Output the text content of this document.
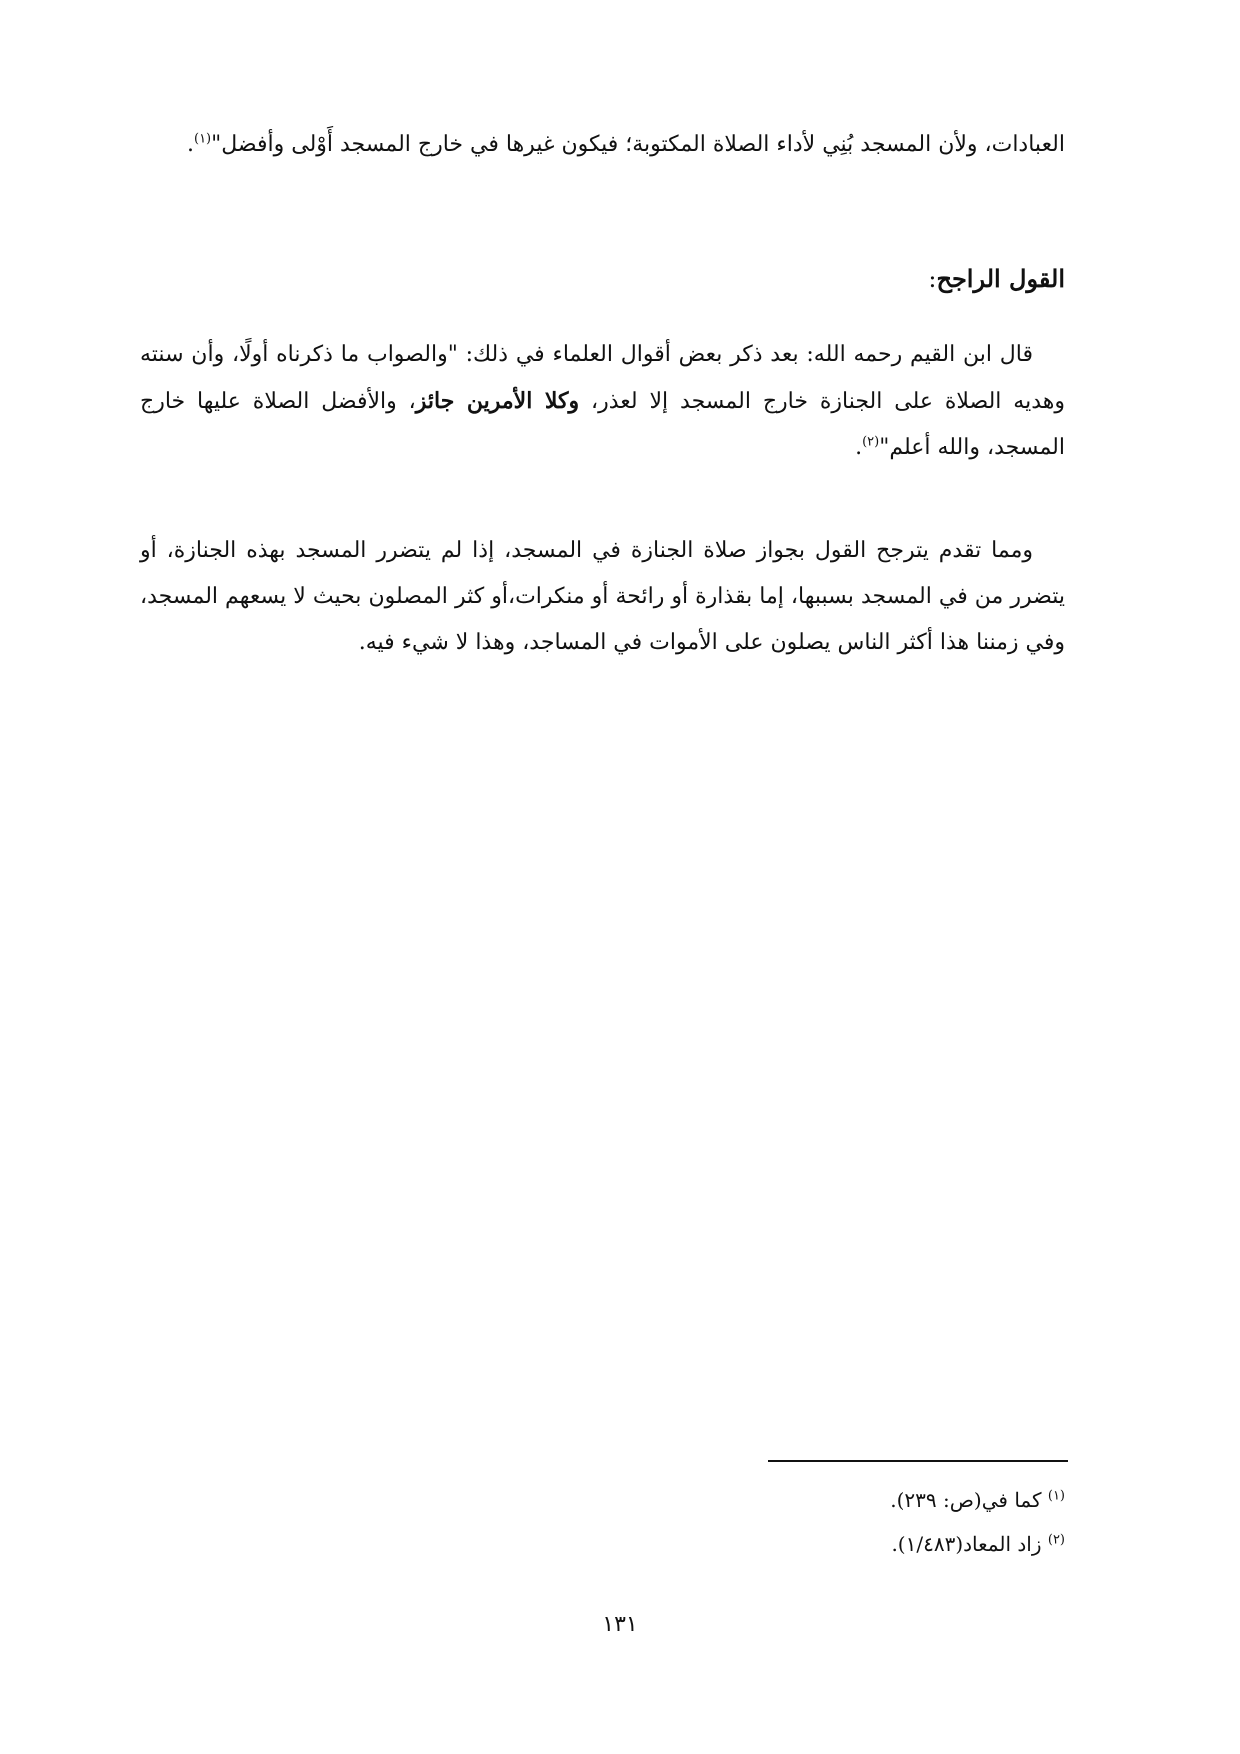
العبادات، ولأن المسجد بُنِي لأداء الصلاة المكتوبة؛ فيكون غيرها في خارج المسجد أَوْلى وأفضل"$^{(١)}$.
القول الراجح:
قال ابن القيم رحمه الله: بعد ذكر بعض أقوال العلماء في ذلك: "والصواب ما ذكرناه أولًا، وأن سنته وهديه الصلاة على الجنازة خارج المسجد إلا لعذر، وكلا الأمرين جائز، والأفضل الصلاة عليها خارج المسجد، والله أعلم"$^{(٢)}$.
ومما تقدم يترجح القول بجواز صلاة الجنازة في المسجد، إذا لم يتضرر المسجد بهذه الجنازة، أو يتضرر من في المسجد بسببها، إما بقذارة أو رائحة أو منكرات،أو كثر المصلون بحيث لا يسعهم المسجد، وفي زمننا هذا أكثر الناس يصلون على الأموات في المساجد، وهذا لا شيء فيه.
$^{(١)}$ كما في(ص: ٢٣٩).
$^{(٢)}$ زاد المعاد(١/٤٨٣).
١٣١
